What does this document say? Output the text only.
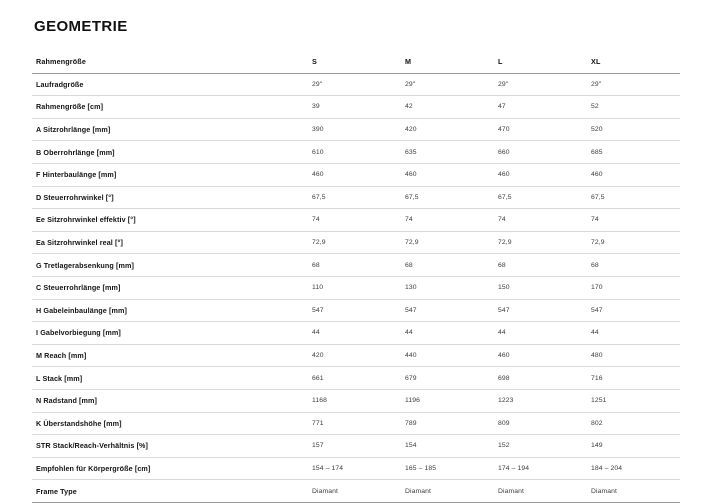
GEOMETRIE
Rahmengröße	S	M	L	XL
Laufradgröße	29"	29"	29"	29"
Rahmengröße [cm]	39	42	47	52
A Sitzrohrlänge [mm]	390	420	470	520
B Oberrohrlänge [mm]	610	635	660	685
F Hinterbaulänge [mm]	460	460	460	460
D Steuerrohrwinkel [°]	67,5	67,5	67,5	67,5
Ee Sitzrohrwinkel effektiv [°]	74	74	74	74
Ea Sitzrohrwinkel real [°]	72,9	72,9	72,9	72,9
G Tretlagerabsenkung [mm]	68	68	68	68
C Steuerrohrlänge [mm]	110	130	150	170
H Gabeleinbaulänge [mm]	547	547	547	547
I Gabelvorbiegung [mm]	44	44	44	44
M Reach [mm]	420	440	460	480
L Stack [mm]	661	679	698	716
N Radstand [mm]	1168	1196	1223	1251
K Überstandshöhe [mm]	771	789	809	802
STR Stack/Reach-Verhältnis [%]	157	154	152	149
Empfohlen für Körpergröße [cm]	154 – 174	165 – 185	174 – 194	184 – 204
Frame Type	Diamant	Diamant	Diamant	Diamant
